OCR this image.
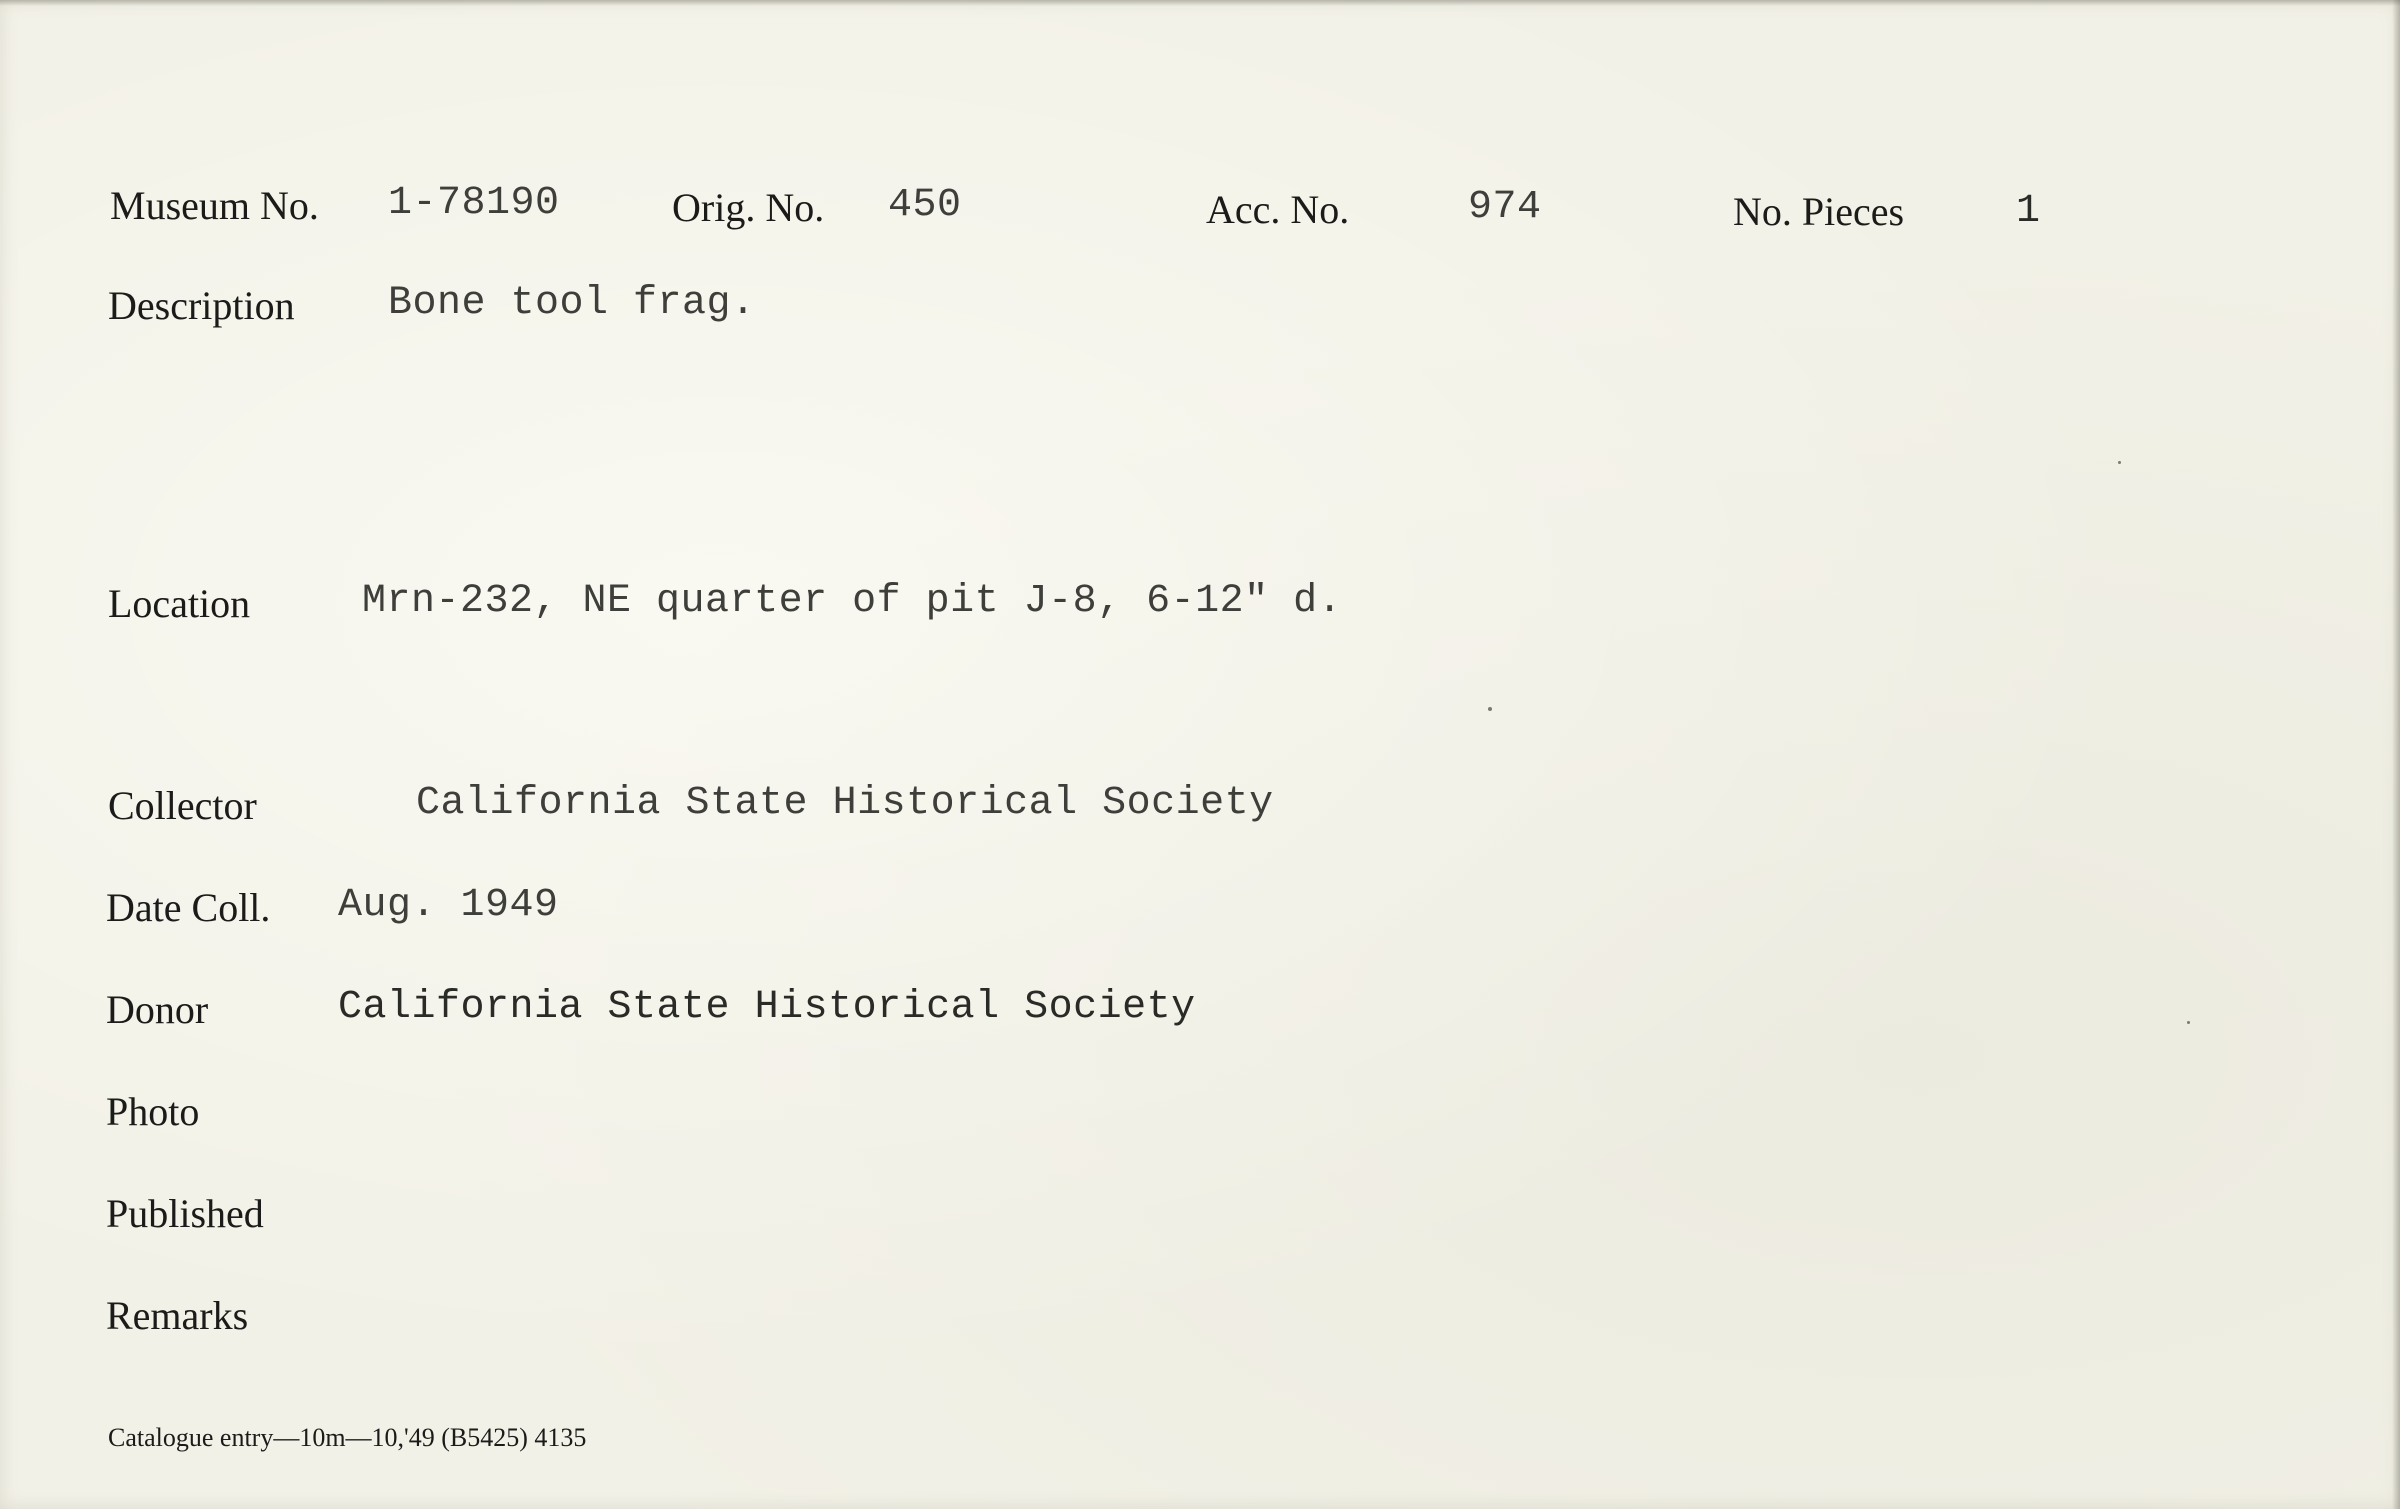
Museum No. 1-78190	Orig. No. 450	Acc. No.	974	No. Pieces	1
Description Bone tool frag.
Location	Mrn-232, NE quarter of pit J-8, 6-12" d.
Collector	California State Historical Society
Date Coll. Aug. 1949
Donor	California State Historical Society
Photo
Published
Remarks
Catalogue entry—10m—10,'49 (B5425) 4135
